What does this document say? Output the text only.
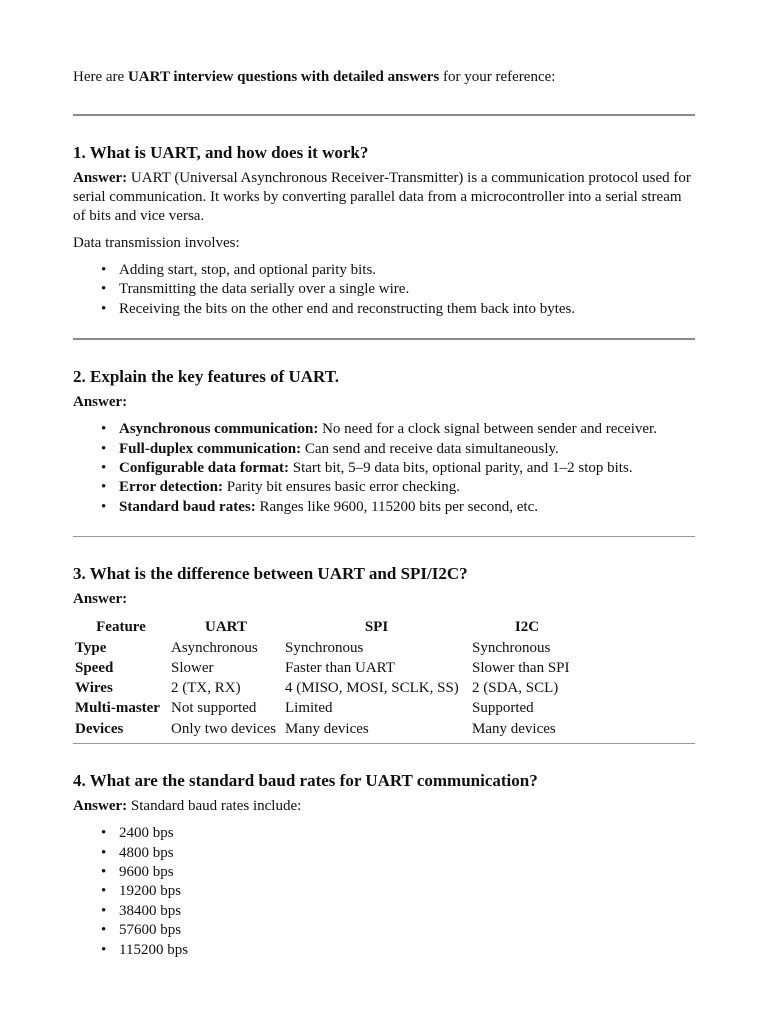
Here are UART interview questions with detailed answers for your reference:

1. What is UART, and how does it work?

Answer: UART (Universal Asynchronous Receiver-Transmitter) is a communication protocol used for serial communication. It works by converting parallel data from a microcontroller into a serial stream of bits and vice versa.

Data transmission involves:

• Adding start, stop, and optional parity bits.
• Transmitting the data serially over a single wire.
• Receiving the bits on the other end and reconstructing them back into bytes.
2. Explain the key features of UART.

Answer:

• Asynchronous communication: No need for a clock signal between sender and receiver.
• Full-duplex communication: Can send and receive data simultaneously.
• Configurable data format: Start bit, 5–9 data bits, optional parity, and 1–2 stop bits.
• Error detection: Parity bit ensures basic error checking.
• Standard baud rates: Ranges like 9600, 115200 bits per second, etc.
3. What is the difference between UART and SPI/I2C?

Answer:

Feature	UART	SPI	I2C
Type	Asynchronous	Synchronous	Synchronous
Speed	Slower	Faster than UART	Slower than SPI
Wires	2 (TX, RX)	4 (MISO, MOSI, SCLK, SS)	2 (SDA, SCL)
Multi-master	Not supported	Limited	Supported
Devices	Only two devices	Many devices	Many devices
4. What are the standard baud rates for UART communication?

Answer: Standard baud rates include:

• 2400 bps
• 4800 bps
• 9600 bps
• 19200 bps
• 38400 bps
• 57600 bps
• 115200 bps
